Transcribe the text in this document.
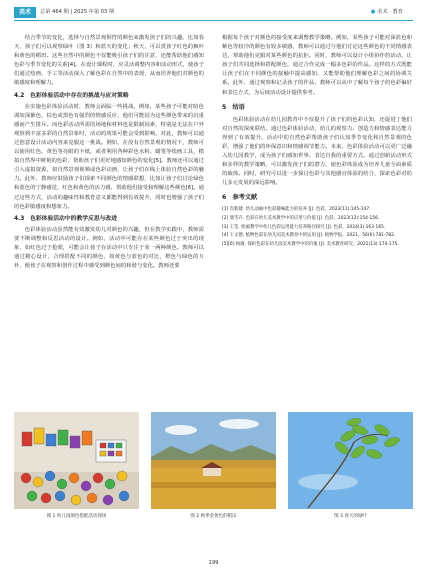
美术	总第 464 期 | 2025 年第 03 期	● 美术 · 教育

结合季节的变化，选择与自然景观相符的颜色来激发孩子们的兴趣。比如春天，孩子们可以观察绿叶（图 3）和蓝天的变化；秋天，可以赏孩子红色的枫叶和黄色的稻田。这些自然中的颜色不仅能吸引孩子们的注意，还能帮助他们感知色彩与季节变化的关系[4]。在设计课程时，应灵活调整内容和活动形式，使孩子们通过绘画、手工等活动深入了解色彩在自然中的表现，从而培养他们对颜色的敏感度和理解力。

4.2　色彩体验活动中存在的挑战与应对策略

在实施色彩体验活动时，教师会面临一些挑战。例如，某些孩子可能对暗色调如深紫色、棕色或黑色有强烈的情感反应，他们可能因为这些颜色带来的沉重感而产生排斥。而色彩活动所需的场地和材料也是限制因素，特别是无法在户外观察到丰富多彩的自然景象时，活动的效果可能会受到影响。对此，教师可以通过创意设计活动内容来克服这一挑战。例如，在没有自然景观的情况下，教师可以使用红色、黄色等亮眼的卡纸，或者利用各种彩色水粉、蜡笔等绘画工具，模拟自然界中鲜艳的色彩，帮助孩子们更好地感知颜色的变化[5]。教师还可以通过引入虚拟资源，如自然景观视频或色彩动画，让孩子们在线上体验自然色彩的魅力。此外，教师应鼓励孩子们探索不同颜色的情感联想，比如让孩子们讨论绿色和蓝色的宁静感觉，红色和黄色的活力感，帮助他们接受和理解这些颜色[6]。通过这些方式，活动的趣味性和教育意义都能得到有效提升，同时也增强了孩子们的色彩敏感度和想象力。

4.3　色彩体验活动中的教学反思与改进

色彩体验活动虽然能有效激发幼儿对颜色的兴趣，但在教学实践中，教师需要不断调整和反思活动的设计。例如，活动中可能存在某些颜色过于突出的现象，如红色过于抢眼，可能会让孩子在活动中只专注于某一两种颜色。教师可以通过精心设计，合理搭配不同的颜色，如黄色与蓝色的对比，橙色与绿色的互补，使孩子在观察和创作过程中感受到颜色间的和谐与变化。教师还要

根据每个孩子对颜色的接受度来调整教学策略。例如，某些孩子可能对深蓝色和紫色等较冷的颜色有较多敏感，教师可以通过与他们讨论这些颜色的不同情感表达，帮助他们克服对某些颜色的抗拒。同时，教师可以设计小组协作的活动，让孩子们共同选择和搭配颜色，通过合作完成一幅多色彩的作品。这样的方式既能让孩子们在不同颜色的接触中提高感知，又能帮助他们理解色彩之间的协调关系。此外，通过观察和记录孩子的作品，教师可以从中了解每个孩子的色彩偏好和表达方式，为后续活动设计提供参考。

5　结语

色彩体验活动在幼儿园教育中不仅提升了孩子们的色彩认知，还促进了他们对自然的深度联结。通过色彩体验活动，幼儿的观察力、创造力和情感表达能力得到了有效提升。活动中的自然色彩帮助孩子们认知季节变化和自然景观的色彩，增强了他们的环保意识和情感调节能力。未来，色彩体验活动可以更广泛融入幼儿园教学，成为孩子们感知世界、表达自我的重要方式。通过创新活动形式和多样的教学策略，可以激发孩子们的潜力，使色彩体验成为培养儿童全面素质的载体。同时，研究可以进一步探讨色彩与其他感官体验的结合，探索色彩对幼儿多元发展的深远影响。

6　参考文献
[1] 肖新捷. 幼儿动画中色彩趣味能力的培养 [J]. 色彩，2023(11):145-147.
[2] 康雪卉. 色彩在幼儿美术教学中的应用与价值 [J]. 色彩，2023(12):154-156.
[3] 王莹. 绘画教学中幼儿色彩运用能力培养路径探究 [J]. 色彩，2024(3):163-165.
[4] 王文德. 植物色彩在幼儿园美术教育中的运用 [J]. 植物学报，2021，56(6):781-782.
[5][6] 杨敏. 探析色彩在幼儿园美术教学中的价值 [J]. 美术教育研究，2021(13):174-175.
图 1 幼儿园颜色搭配活动现场	图 2 秋季金黄色的稻田	图 3 春天的绿叶
199
